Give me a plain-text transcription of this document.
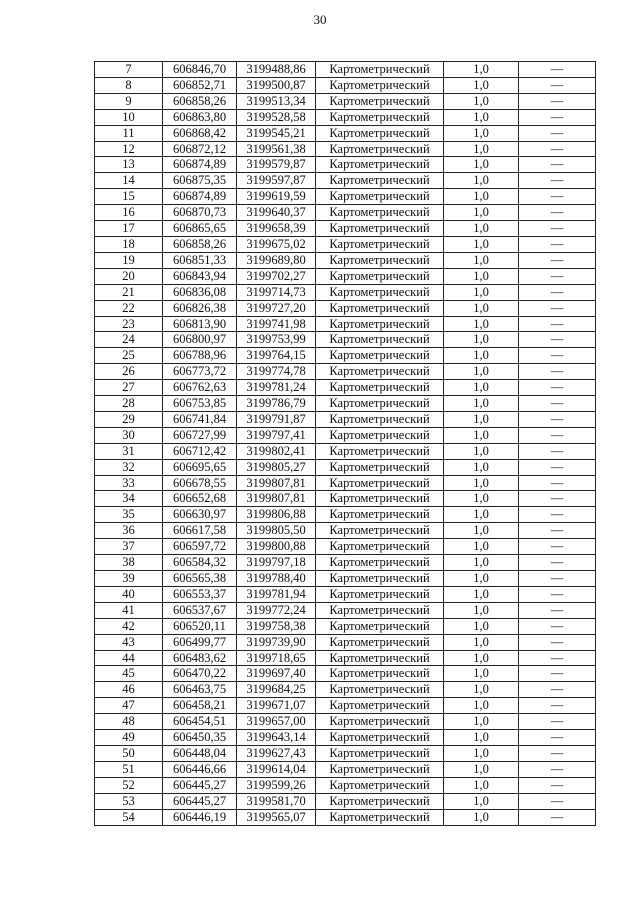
30
7	606846,70	3199488,86	Картометрический	1,0	—
8	606852,71	3199500,87	Картометрический	1,0	—
9	606858,26	3199513,34	Картометрический	1,0	—
10	606863,80	3199528,58	Картометрический	1,0	—
11	606868,42	3199545,21	Картометрический	1,0	—
12	606872,12	3199561,38	Картометрический	1,0	—
13	606874,89	3199579,87	Картометрический	1,0	—
14	606875,35	3199597,87	Картометрический	1,0	—
15	606874,89	3199619,59	Картометрический	1,0	—
16	606870,73	3199640,37	Картометрический	1,0	—
17	606865,65	3199658,39	Картометрический	1,0	—
18	606858,26	3199675,02	Картометрический	1,0	—
19	606851,33	3199689,80	Картометрический	1,0	—
20	606843,94	3199702,27	Картометрический	1,0	—
21	606836,08	3199714,73	Картометрический	1,0	—
22	606826,38	3199727,20	Картометрический	1,0	—
23	606813,90	3199741,98	Картометрический	1,0	—
24	606800,97	3199753,99	Картометрический	1,0	—
25	606788,96	3199764,15	Картометрический	1,0	—
26	606773,72	3199774,78	Картометрический	1,0	—
27	606762,63	3199781,24	Картометрический	1,0	—
28	606753,85	3199786,79	Картометрический	1,0	—
29	606741,84	3199791,87	Картометрический	1,0	—
30	606727,99	3199797,41	Картометрический	1,0	—
31	606712,42	3199802,41	Картометрический	1,0	—
32	606695,65	3199805,27	Картометрический	1,0	—
33	606678,55	3199807,81	Картометрический	1,0	—
34	606652,68	3199807,81	Картометрический	1,0	—
35	606630,97	3199806,88	Картометрический	1,0	—
36	606617,58	3199805,50	Картометрический	1,0	—
37	606597,72	3199800,88	Картометрический	1,0	—
38	606584,32	3199797,18	Картометрический	1,0	—
39	606565,38	3199788,40	Картометрический	1,0	—
40	606553,37	3199781,94	Картометрический	1,0	—
41	606537,67	3199772,24	Картометрический	1,0	—
42	606520,11	3199758,38	Картометрический	1,0	—
43	606499,77	3199739,90	Картометрический	1,0	—
44	606483,62	3199718,65	Картометрический	1,0	—
45	606470,22	3199697,40	Картометрический	1,0	—
46	606463,75	3199684,25	Картометрический	1,0	—
47	606458,21	3199671,07	Картометрический	1,0	—
48	606454,51	3199657,00	Картометрический	1,0	—
49	606450,35	3199643,14	Картометрический	1,0	—
50	606448,04	3199627,43	Картометрический	1,0	—
51	606446,66	3199614,04	Картометрический	1,0	—
52	606445,27	3199599,26	Картометрический	1,0	—
53	606445,27	3199581,70	Картометрический	1,0	—
54	606446,19	3199565,07	Картометрический	1,0	—
